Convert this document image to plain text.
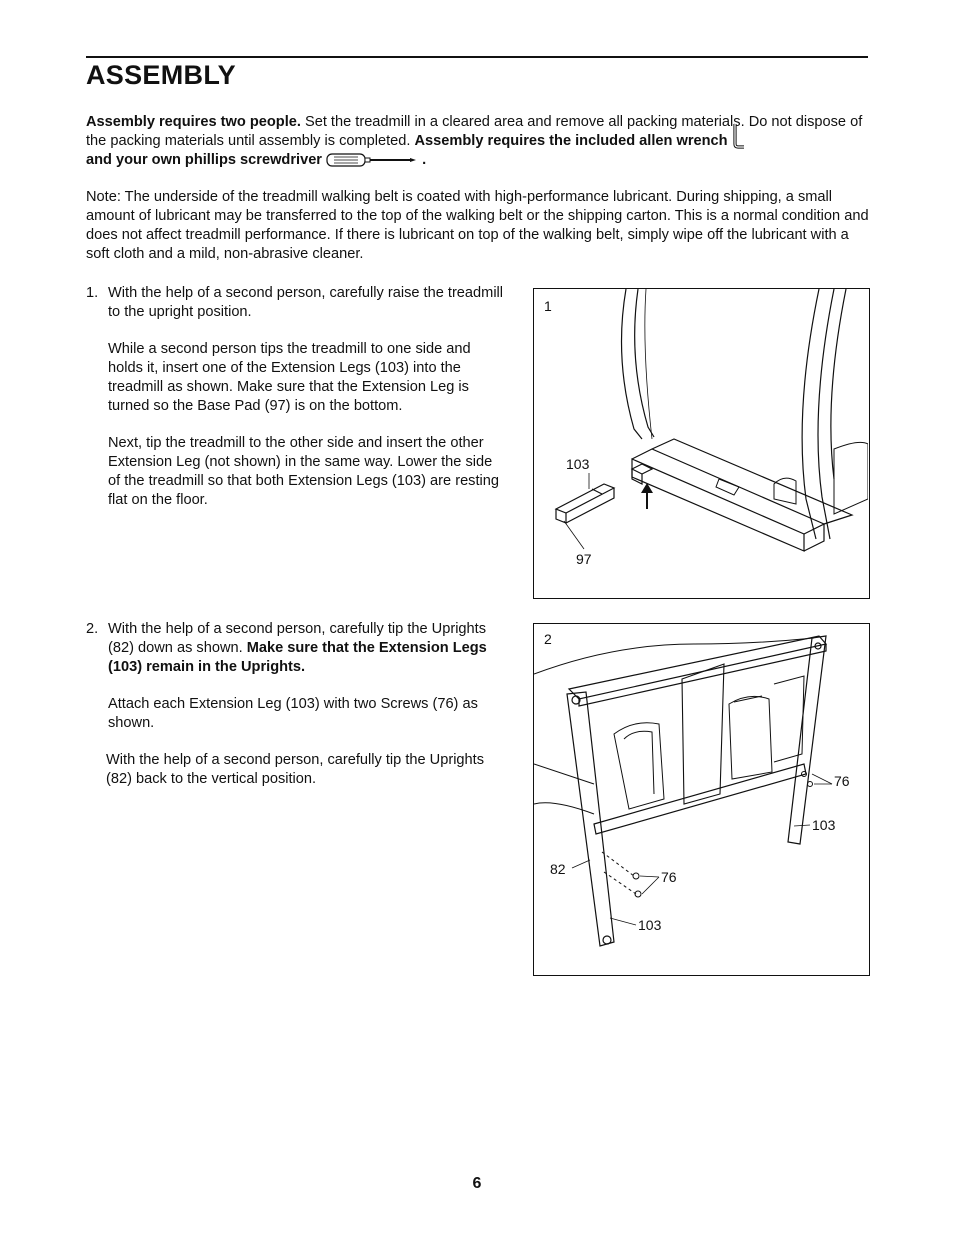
ASSEMBLY

Assembly requires two people. Set the treadmill in a cleared area and remove all packing materials. Do not dispose of the packing materials until assembly is completed. Assembly requires the included allen wrench
and your own phillips screwdriver	.

Note: The underside of the treadmill walking belt is coated with high-performance lubricant. During shipping, a small amount of lubricant may be transferred to the top of the walking belt or the shipping carton. This is a normal condition and does not affect treadmill performance. If there is lubricant on top of the walking belt, simply wipe off the lubricant with a soft cloth and a mild, non-abrasive cleaner.

1. With the help of a second person, carefully raise the treadmill to the upright position.

While a second person tips the treadmill to one side and holds it, insert one of the Extension Legs (103) into the treadmill as shown. Make sure that the Extension Leg is turned so the Base Pad (97) is on the bottom.

Next, tip the treadmill to the other side and insert the other Extension Leg (not shown) in the same way. Lower the side of the treadmill so that both Extension Legs (103) are resting flat on the floor.

2. With the help of a second person, carefully tip the Uprights (82) down as shown. Make sure that the Extension Legs (103) remain in the Uprights.

Attach each Extension Leg (103) with two Screws (76) as shown.

With the help of a second person, carefully tip the Uprights (82) back to the vertical position.

1
103
97
2
76
103
82	76
103
6
